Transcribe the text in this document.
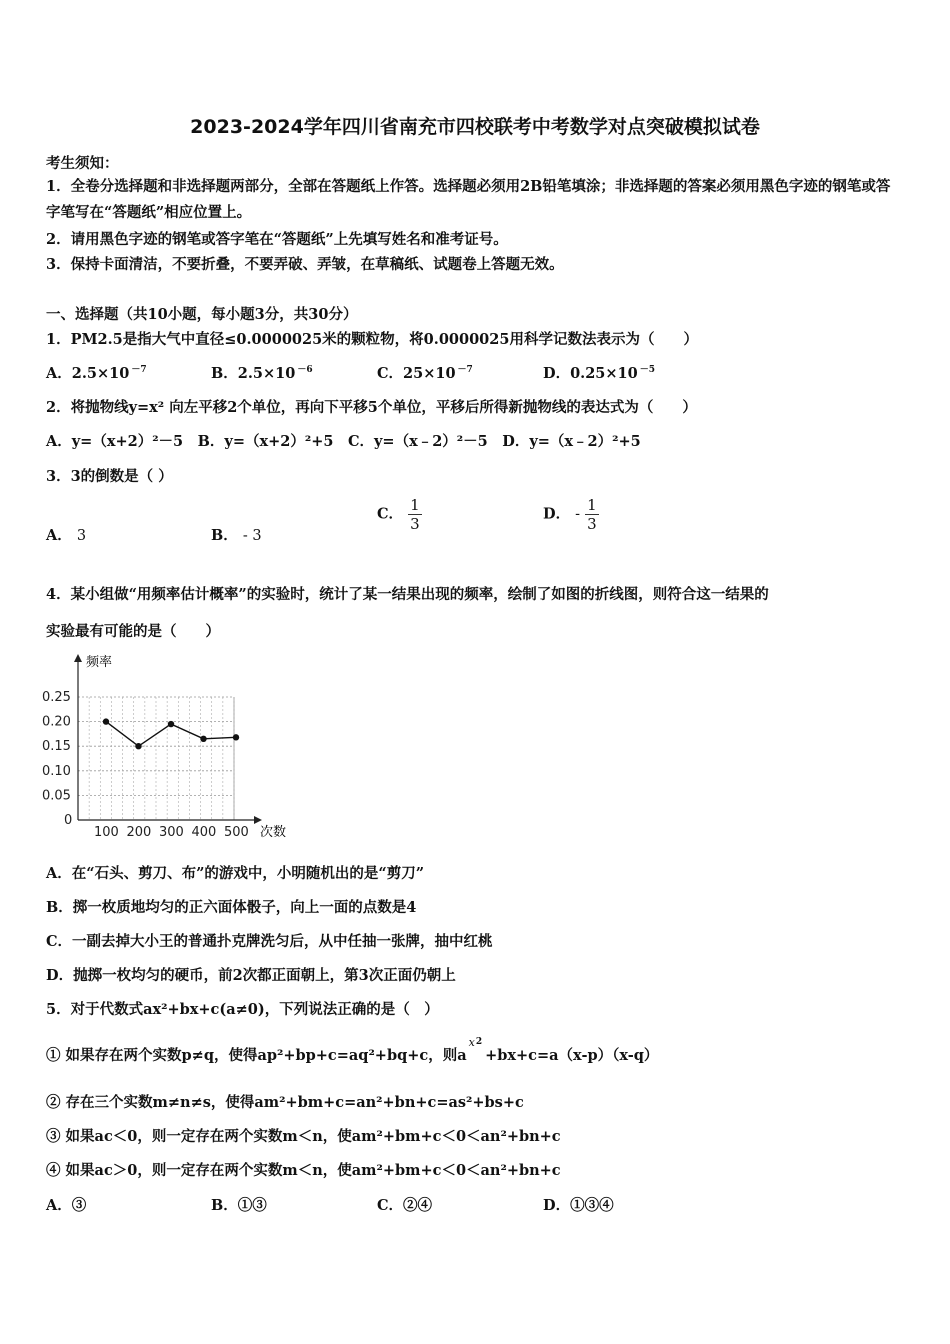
2023-2024学年四川省南充市四校联考中考数学对点突破模拟试卷
考生须知：
1．全卷分选择题和非选择题两部分，全部在答题纸上作答。选择题必须用2B铅笔填涂；非选择题的答案必须用黑色字迹的钢笔或答字笔写在“答题纸”相应位置上。
2．请用黑色字迹的钢笔或答字笔在“答题纸”上先填写姓名和准考证号。
3．保持卡面清洁，不要折叠，不要弄破、弄皱，在草稿纸、试题卷上答题无效。
一、选择题（共10小题，每小题3分，共30分）
1．PM2.5是指大气中直径≤0.0000025米的颗粒物，将0.0000025用科学记数法表示为（　　）
A．2.5×10 $^{-7}$	B．2.5×10 $^{-6}$	C．25×10 $^{-7}$	D．0.25×10 $^{-5}$
2．将抛物线y=x² 向左平移2个单位，再向下平移5个单位，平移后所得新抛物线的表达式为（　　）
A．y=（x+2）²－5　B．y=（x+2）²+5　C．y=（x﹣2）²－5　D．y=（x﹣2）²+5
3．3的倒数是（ ）
A． 3	B． - 3
C． $\frac{1}{3}$	D． - $\frac{1}{3}$
4．某小组做“用频率估计概率”的实验时，统计了某一结果出现的频率，绘制了如图的折线图，则符合这一结果的
实验最有可能的是（　　）
0
0.05
0.10
0.15
0.20
0.25
100 200 300 400 500
频率
次数
A．在“石头、剪刀、布”的游戏中，小明随机出的是“剪刀”
B．掷一枚质地均匀的正六面体骰子，向上一面的点数是4
C．一副去掉大小王的普通扑克牌洗匀后，从中任抽一张牌，抽中红桃
D．抛掷一枚均匀的硬币，前2次都正面朝上，第3次正面仍朝上
5．对于代数式ax²+bx+c(a≠0)，下列说法正确的是（　）
① 如果存在两个实数p≠q，使得ap²+bp+c=aq²+bq+c，则$a^{x2}+bx+c=a(x-p)(x-q)$
② 存在三个实数m≠n≠s，使得am²+bm+c=an²+bn+c=as²+bs+c
③ 如果ac＜0，则一定存在两个实数m＜n，使am²+bm+c＜0＜an²+bn+c
④ 如果ac＞0，则一定存在两个实数m＜n，使am²+bm+c＜0＜an²+bn+c
A．③	B．①③	C．②④	D．①③④
